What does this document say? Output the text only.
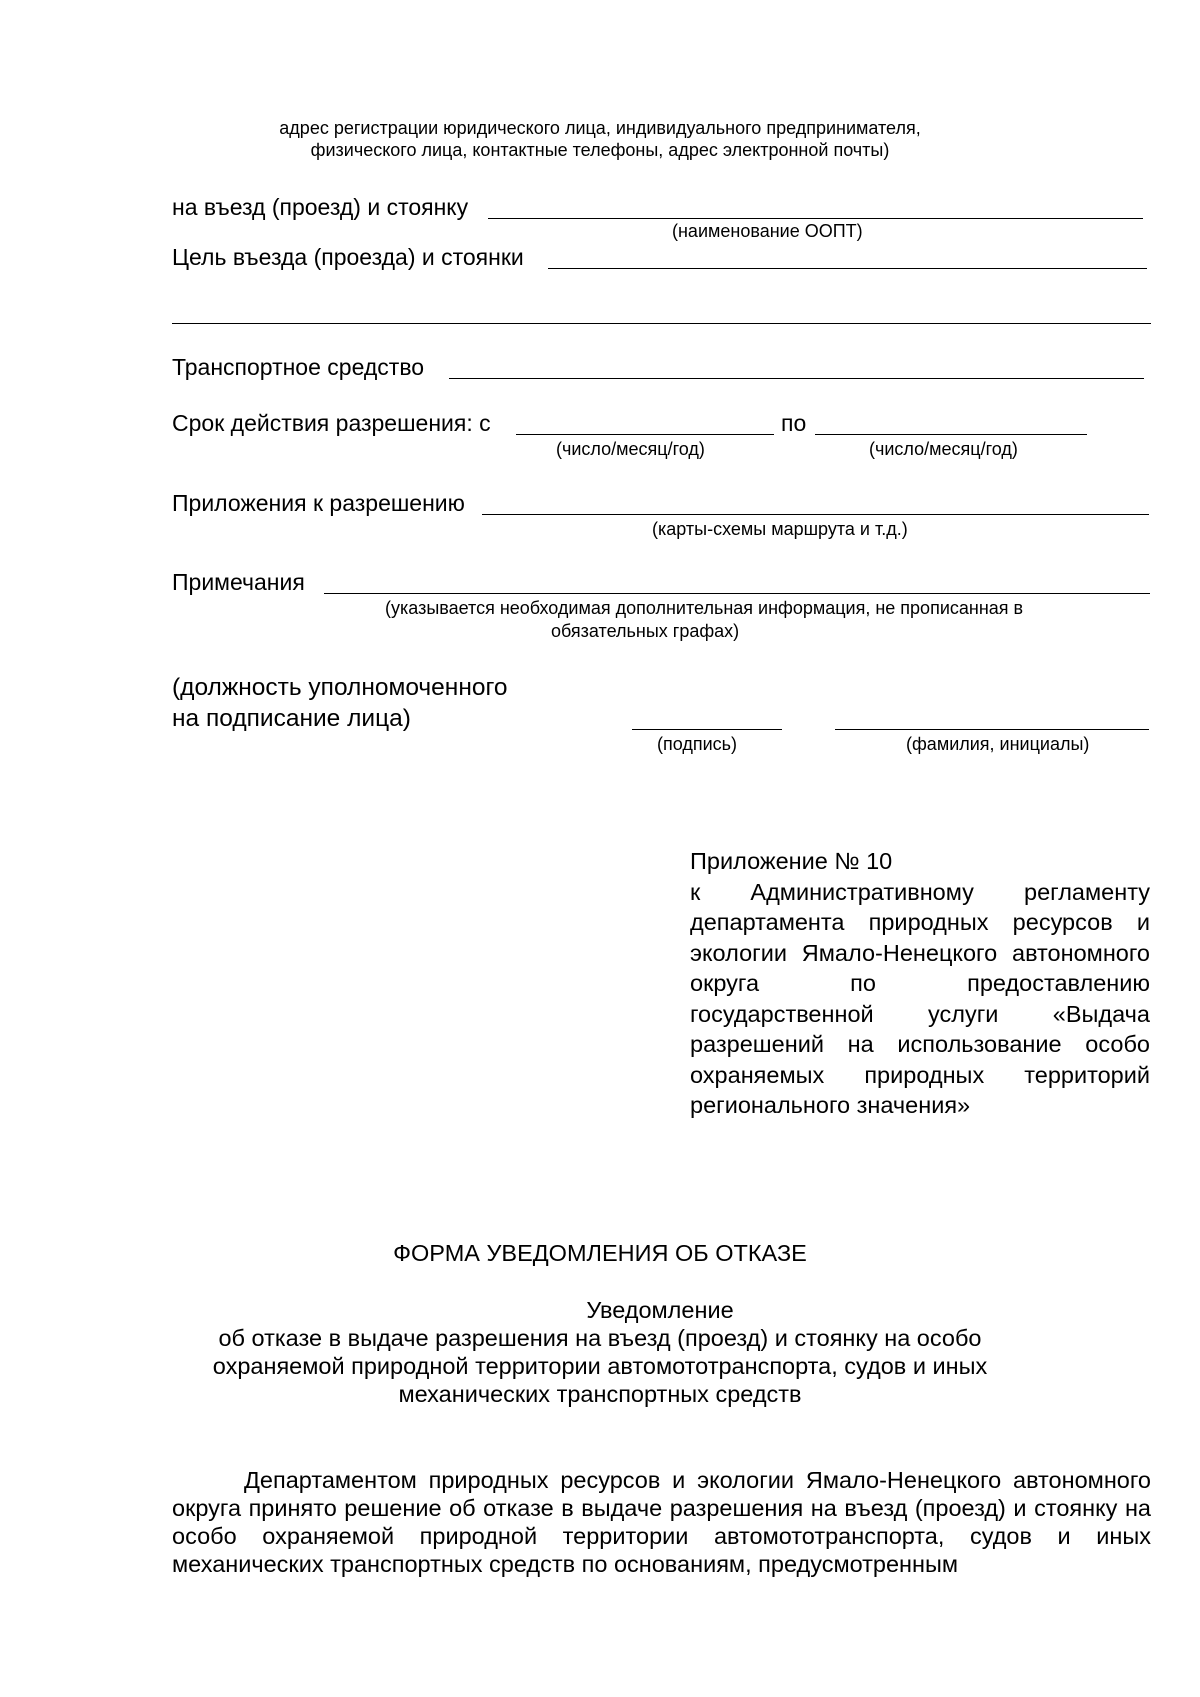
адрес регистрации юридического лица, индивидуального предпринимателя,
физического лица, контактные телефоны, адрес электронной почты)
на въезд (проезд) и стоянку
(наименование ООПТ)
Цель въезда (проезда) и стоянки
Транспортное средство
Срок действия разрешения: с	по
(число/месяц/год)	(число/месяц/год)
Приложения к разрешению
(карты-схемы маршрута и т.д.)
Примечания
(указывается необходимая дополнительная информация, не прописанная в
обязательных графах)
(должность уполномоченного
на подписание лица)
(подпись)	(фамилия, инициалы)
Приложение № 10
к Административному регламенту департамента природных ресурсов и экологии Ямало-Ненецкого автономного округа по предоставлению государственной услуги «Выдача разрешений на использование особо охраняемых природных территорий регионального значения»
ФОРМА УВЕДОМЛЕНИЯ ОБ ОТКАЗЕ
Уведомление
об отказе в выдаче разрешения на въезд (проезд) и стоянку на особо охраняемой природной территории автомототранспорта, судов и иных механических транспортных средств
Департаментом природных ресурсов и экологии Ямало-Ненецкого автономного округа принято решение об отказе в выдаче разрешения на въезд (проезд) и стоянку на особо охраняемой природной территории автомототранспорта, судов и иных механических транспортных средств по основаниям, предусмотренным
